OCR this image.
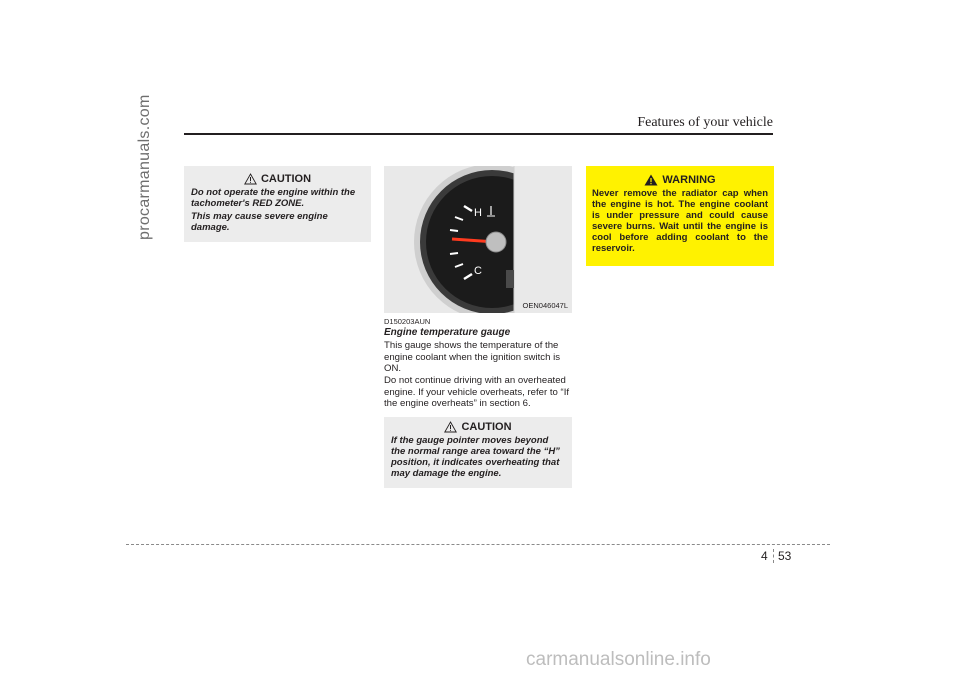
procarmanuals.com	Features of your vehicle
CAUTION

Do not operate the engine within the tachometer's RED ZONE.

This may cause severe engine damage.

H
C
OEN046047L
D150203AUN
Engine temperature gauge

This gauge shows the temperature of the engine coolant when the ignition switch is ON.

Do not continue driving with an overheated engine. If your vehicle overheats, refer to “If the engine overheats” in section 6.

CAUTION

If the gauge pointer moves beyond the normal range area toward the “H” position, it indicates overheating that may damage the engine.

WARNING

Never remove the radiator cap when the engine is hot. The engine coolant is under pressure and could cause severe burns. Wait until the engine is cool before adding coolant to the reservoir.

4 53
carmanualsonline.info
